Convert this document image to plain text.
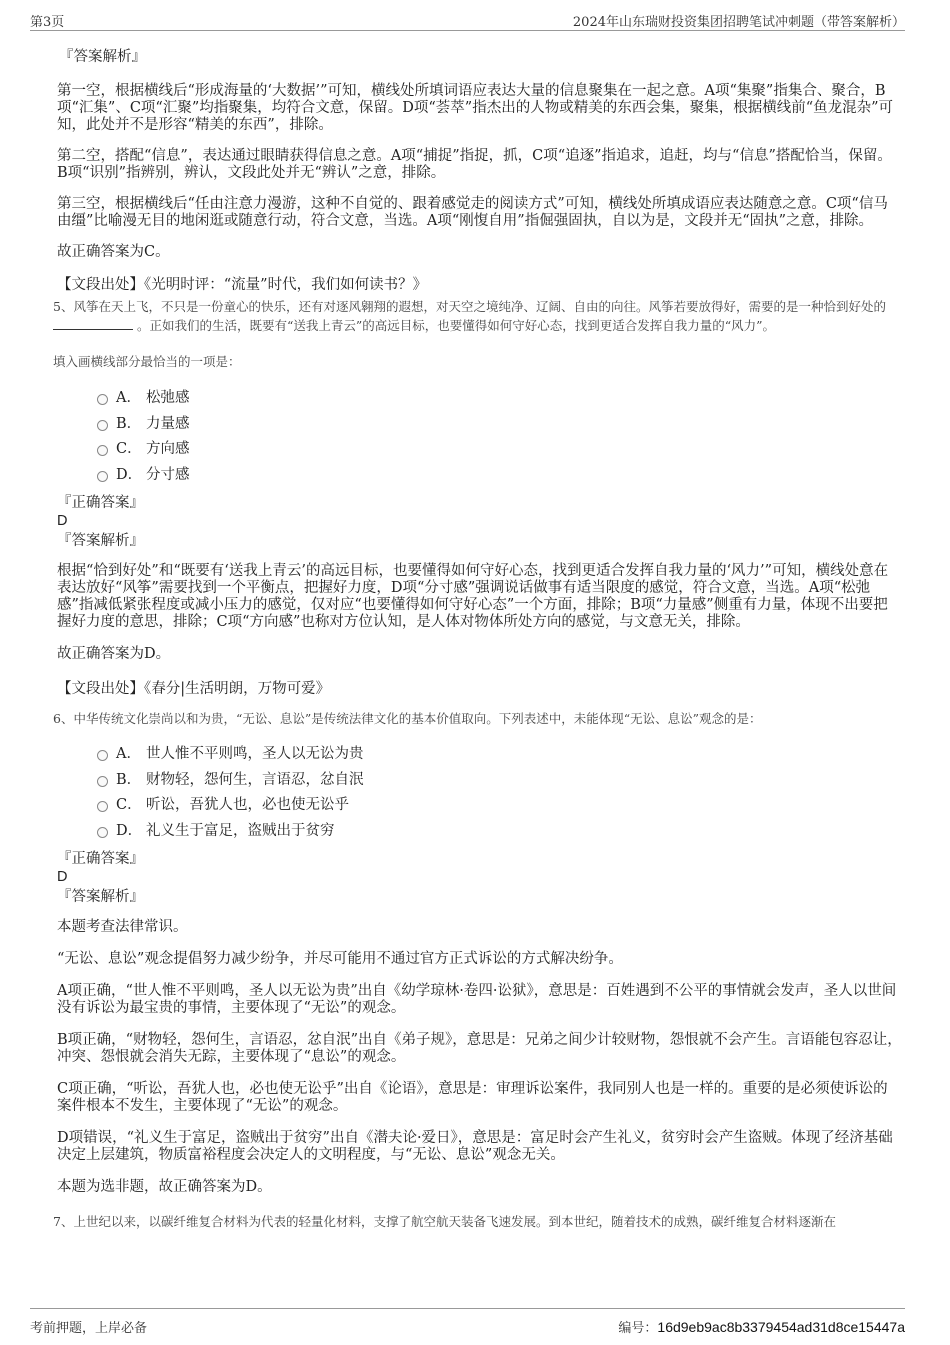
第3页	2024年山东瑞财投资集团招聘笔试冲刺题（带答案解析）

『答案解析』

第一空，根据横线后“形成海量的‘大数据’”可知，横线处所填词语应表达大量的信息聚集在一起之意。A项“集聚”指集合、聚合，B项“汇集”、C项“汇聚”均指聚集，均符合文意，保留。D项“荟萃”指杰出的人物或精美的东西会集，聚集，根据横线前“鱼龙混杂”可知，此处并不是形容“精美的东西”，排除。

第二空，搭配“信息”，表达通过眼睛获得信息之意。A项“捕捉”指捉，抓，C项“追逐”指追求，追赶，均与“信息”搭配恰当，保留。B项“识别”指辨别，辨认，文段此处并无“辨认”之意，排除。

第三空，根据横线后“任由注意力漫游，这种不自觉的、跟着感觉走的阅读方式”可知，横线处所填成语应表达随意之意。C项“信马由缰”比喻漫无目的地闲逛或随意行动，符合文意，当选。A项“刚愎自用”指倔强固执，自以为是，文段并无“固执”之意，排除。

故正确答案为C。

【文段出处】《光明时评：“流量”时代，我们如何读书？》

5、风筝在天上飞，不只是一份童心的快乐，还有对逐风翱翔的遐想，对天空之境纯净、辽阔、自由的向往。风筝若要放得好，需要的是一种恰到好处的  。正如我们的生活，既要有“送我上青云”的高远目标，也要懂得如何守好心态，找到更适合发挥自我力量的“风力”。

填入画横线部分最恰当的一项是：

A． 松弛感
B． 力量感
C． 方向感
D． 分寸感

『正确答案』

D

『答案解析』

根据“恰到好处”和“既要有‘送我上青云’的高远目标，也要懂得如何守好心态，找到更适合发挥自我力量的‘风力’”可知，横线处意在表达放好“风筝”需要找到一个平衡点，把握好力度，D项“分寸感”强调说话做事有适当限度的感觉，符合文意，当选。A项“松弛感”指减低紧张程度或减小压力的感觉，仅对应“也要懂得如何守好心态”一个方面，排除；B项“力量感”侧重有力量，体现不出要把握好力度的意思，排除；C项“方向感”也称对方位认知，是人体对物体所处方向的感觉，与文意无关，排除。

故正确答案为D。

【文段出处】《春分|生活明朗，万物可爱》

6、中华传统文化崇尚以和为贵，“无讼、息讼”是传统法律文化的基本价值取向。下列表述中，未能体现“无讼、息讼”观念的是：

A． 世人惟不平则鸣，圣人以无讼为贵
B． 财物轻，怨何生，言语忍，忿自泯
C． 听讼，吾犹人也，必也使无讼乎
D． 礼义生于富足，盗贼出于贫穷

『正确答案』

D

『答案解析』

本题考查法律常识。

“无讼、息讼”观念提倡努力减少纷争，并尽可能用不通过官方正式诉讼的方式解决纷争。

A项正确，“世人惟不平则鸣，圣人以无讼为贵”出自《幼学琼林·卷四·讼狱》，意思是：百姓遇到不公平的事情就会发声，圣人以世间没有诉讼为最宝贵的事情，主要体现了“无讼”的观念。

B项正确，“财物轻，怨何生，言语忍，忿自泯”出自《弟子规》，意思是：兄弟之间少计较财物，怨恨就不会产生。言语能包容忍让，冲突、怨恨就会消失无踪，主要体现了“息讼”的观念。

C项正确，“听讼，吾犹人也，必也使无讼乎”出自《论语》，意思是：审理诉讼案件，我同别人也是一样的。重要的是必须使诉讼的案件根本不发生，主要体现了“无讼”的观念。

D项错误，“礼义生于富足，盗贼出于贫穷”出自《潜夫论·爱日》，意思是：富足时会产生礼义，贫穷时会产生盗贼。体现了经济基础决定上层建筑，物质富裕程度会决定人的文明程度，与“无讼、息讼”观念无关。

本题为选非题，故正确答案为D。

7、上世纪以来，以碳纤维复合材料为代表的轻量化材料，支撑了航空航天装备飞速发展。到本世纪，随着技术的成熟，碳纤维复合材料逐渐在

考前押题，上岸必备	编号：16d9eb9ac8b3379454ad31d8ce15447a
